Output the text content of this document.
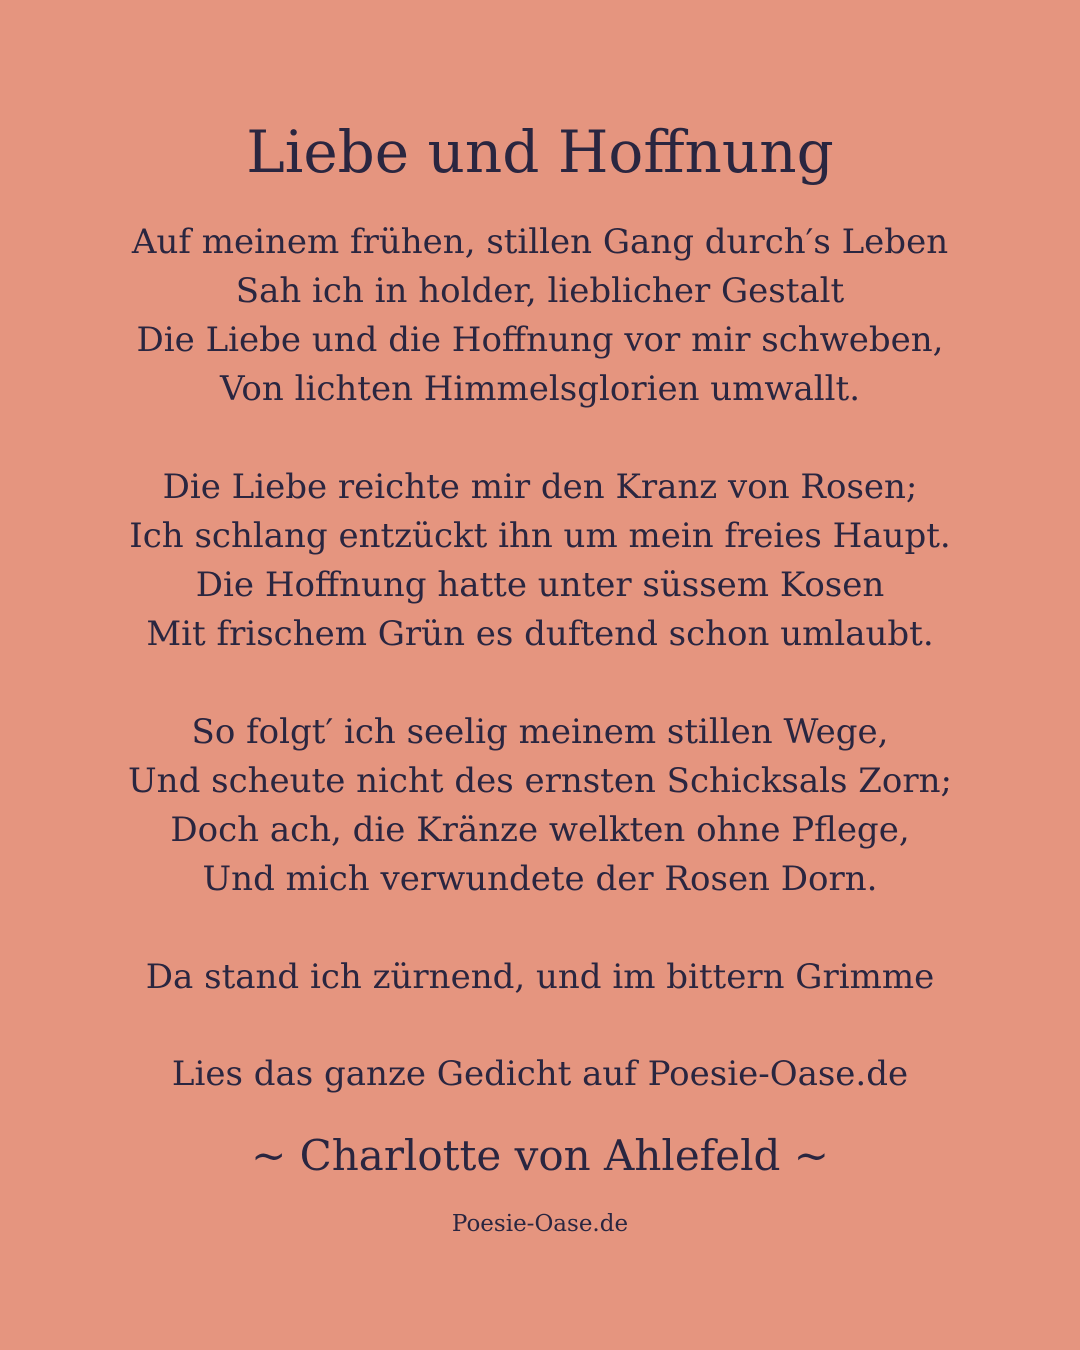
Liebe und Hoffnung
Auf meinem frühen, stillen Gang durch′s Leben
Sah ich in holder, lieblicher Gestalt
Die Liebe und die Hoffnung vor mir schweben,
Von lichten Himmelsglorien umwallt.
Die Liebe reichte mir den Kranz von Rosen;
Ich schlang entzückt ihn um mein freies Haupt.
Die Hoffnung hatte unter süssem Kosen
Mit frischem Grün es duftend schon umlaubt.
So folgt′ ich seelig meinem stillen Wege,
Und scheute nicht des ernsten Schicksals Zorn;
Doch ach, die Kränze welkten ohne Pflege,
Und mich verwundete der Rosen Dorn.
Da stand ich zürnend, und im bittern Grimme
Lies das ganze Gedicht auf Poesie-Oase.de
~ Charlotte von Ahlefeld ~
Poesie-Oase.de
